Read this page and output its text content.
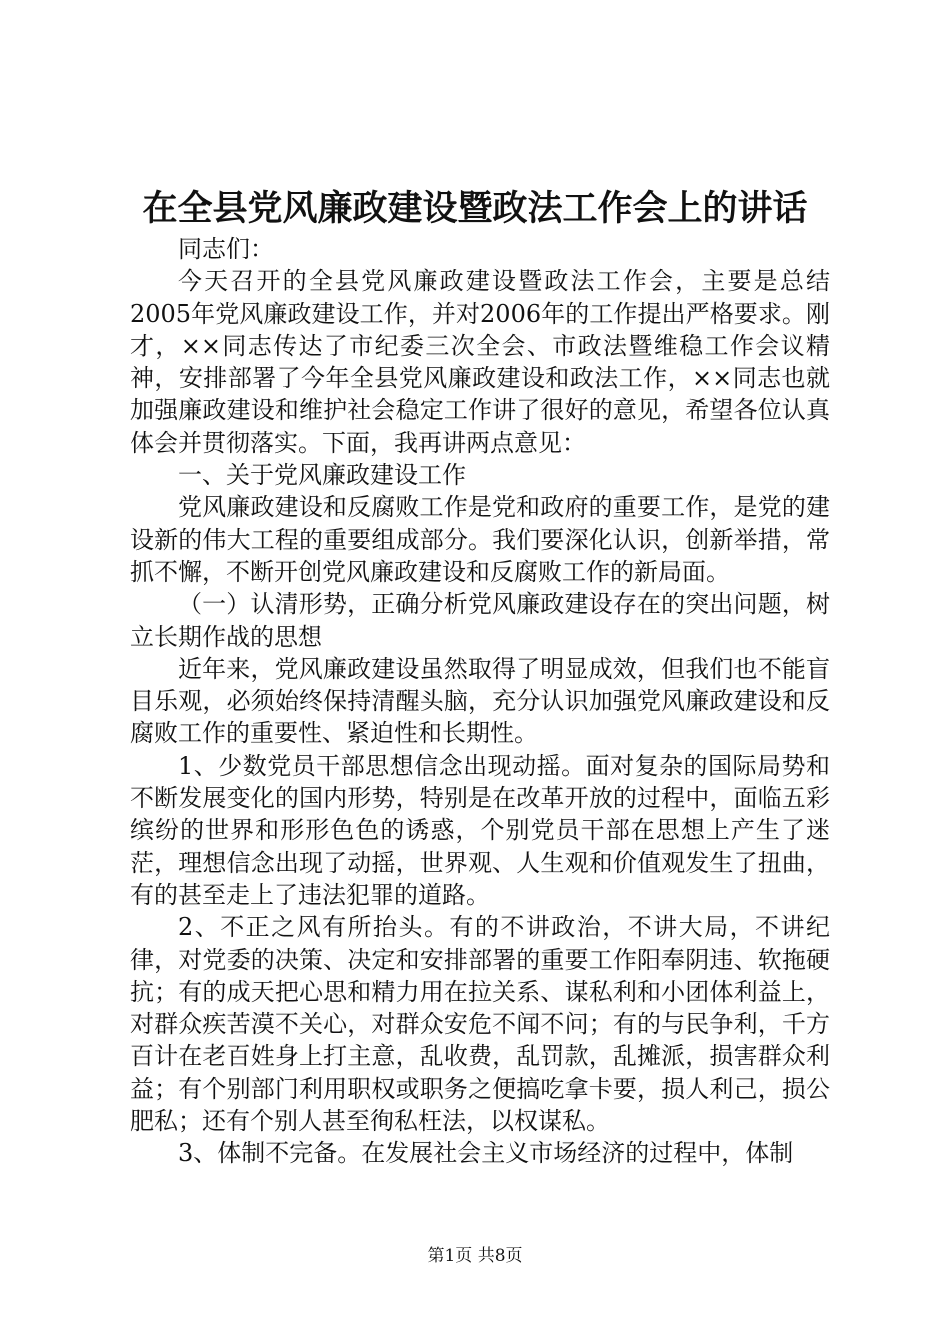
在全县党风廉政建设暨政法工作会上的讲话

同志们：

今天召开的全县党风廉政建设暨政法工作会，主要是总结2005年党风廉政建设工作，并对2006年的工作提出严格要求。刚才，××同志传达了市纪委三次全会、市政法暨维稳工作会议精神，安排部署了今年全县党风廉政建设和政法工作，××同志也就加强廉政建设和维护社会稳定工作讲了很好的意见，希望各位认真体会并贯彻落实。下面，我再讲两点意见：

一、关于党风廉政建设工作

党风廉政建设和反腐败工作是党和政府的重要工作，是党的建设新的伟大工程的重要组成部分。我们要深化认识，创新举措，常抓不懈，不断开创党风廉政建设和反腐败工作的新局面。

（一）认清形势，正确分析党风廉政建设存在的突出问题，树立长期作战的思想

近年来，党风廉政建设虽然取得了明显成效，但我们也不能盲目乐观，必须始终保持清醒头脑，充分认识加强党风廉政建设和反腐败工作的重要性、紧迫性和长期性。

1、少数党员干部思想信念出现动摇。面对复杂的国际局势和不断发展变化的国内形势，特别是在改革开放的过程中，面临五彩缤纷的世界和形形色色的诱惑，个别党员干部在思想上产生了迷茫，理想信念出现了动摇，世界观、人生观和价值观发生了扭曲，有的甚至走上了违法犯罪的道路。

2、不正之风有所抬头。有的不讲政治，不讲大局，不讲纪律，对党委的决策、决定和安排部署的重要工作阳奉阴违、软拖硬抗；有的成天把心思和精力用在拉关系、谋私利和小团体利益上，对群众疾苦漠不关心，对群众安危不闻不问；有的与民争利，千方百计在老百姓身上打主意，乱收费，乱罚款，乱摊派，损害群众利益；有个别部门利用职权或职务之便搞吃拿卡要，损人利己，损公肥私；还有个别人甚至徇私枉法，以权谋私。

3、体制不完备。在发展社会主义市场经济的过程中，体制

第1页 共8页
